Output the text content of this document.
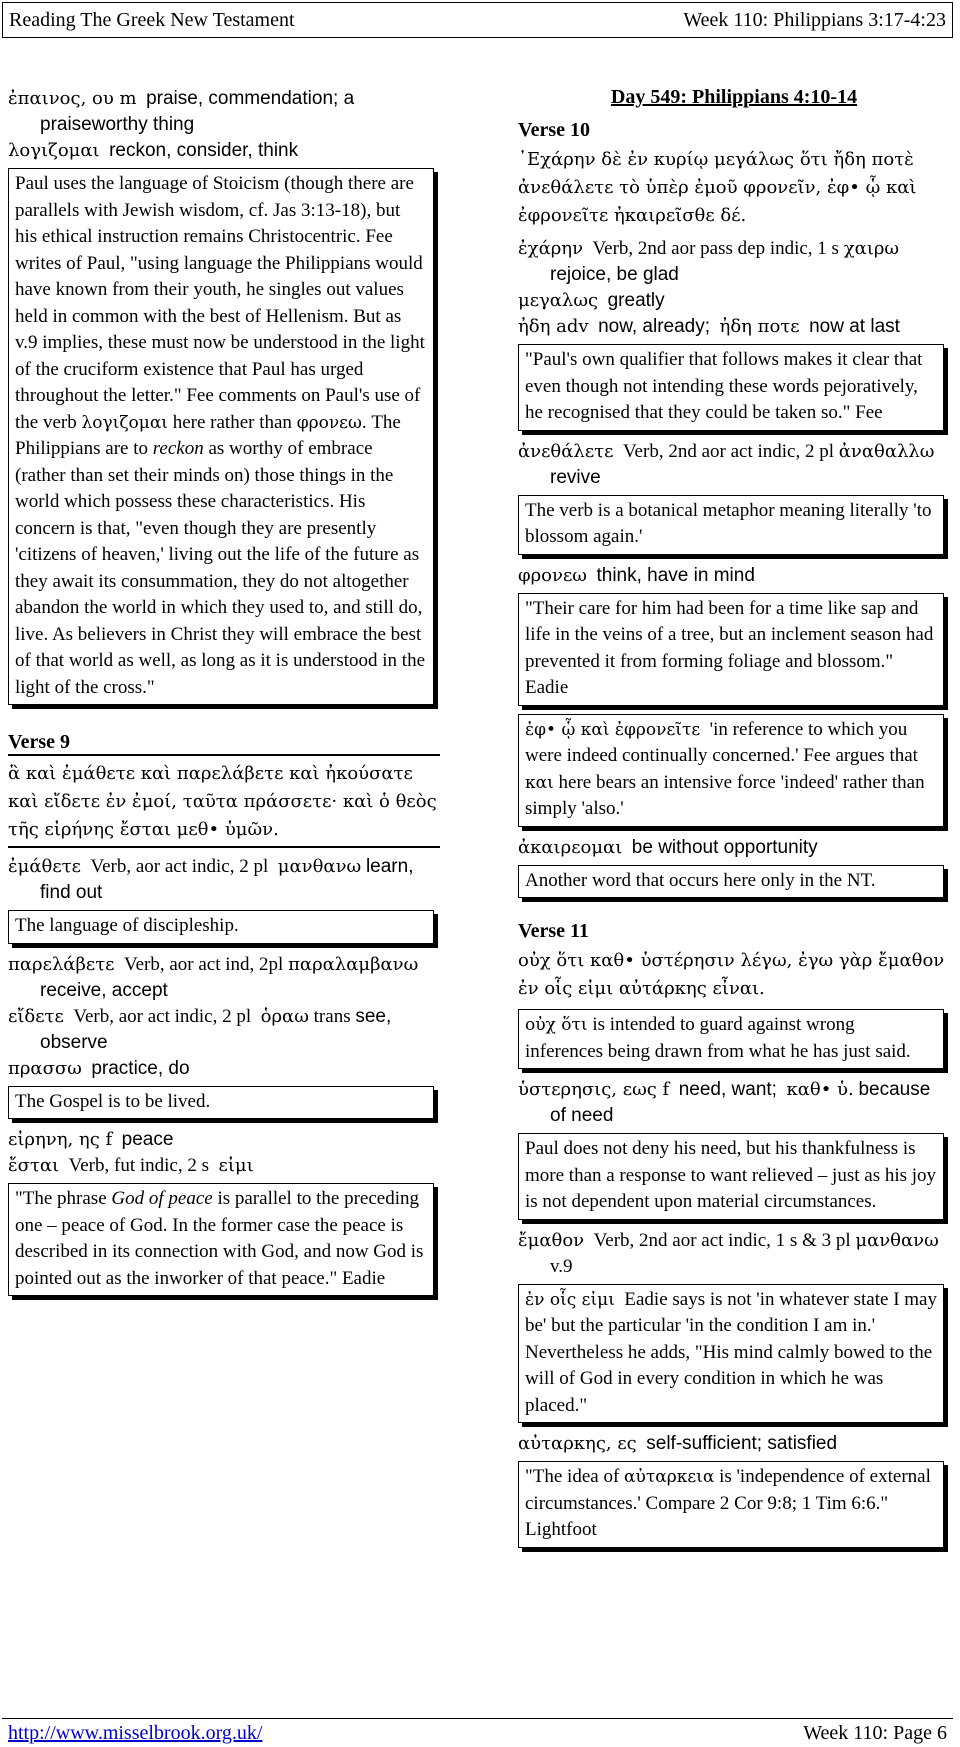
Reading The Greek New Testament	Week 110: Philippians 3:17-4:23
ἐπαινος, ου m praise, commendation; a praiseworthy thing
λογιζομαι reckon, consider, think
Paul uses the language of Stoicism (though there are parallels with Jewish wisdom, cf. Jas 3:13-18), but his ethical instruction remains Christocentric. Fee writes of Paul, "using language the Philippians would have known from their youth, he singles out values held in common with the best of Hellenism. But as v.9 implies, these must now be understood in the light of the cruciform existence that Paul has urged throughout the letter." Fee comments on Paul's use of the verb λογιζομαι here rather than φρονεω. The Philippians are to reckon as worthy of embrace (rather than set their minds on) those things in the world which possess these characteristics. His concern is that, "even though they are presently 'citizens of heaven,' living out the life of the future as they await its consummation, they do not altogether abandon the world in which they used to, and still do, live. As believers in Christ they will embrace the best of that world as well, as long as it is understood in the light of the cross."
Verse 9
ἃ καὶ ἐμάθετε καὶ παρελάβετε καὶ ἠκούσατε καὶ εἴδετε ἐν ἐμοί, ταῦτα πράσσετε· καὶ ὁ θεὸς τῆς εἰρήνης ἔσται μεθ• ὑμῶν.
ἐμάθετε Verb, aor act indic, 2 pl μανθανω learn, find out
The language of discipleship.
παρελάβετε Verb, aor act ind, 2pl παραλαμβανω  receive, accept
εἴδετε Verb, aor act indic, 2 pl ὁραω trans see, observe
πρασσω practice, do
The Gospel is to be lived.
εἰρηνη, ης f peace
ἔσται Verb, fut indic, 2 s εἰμι
"The phrase God of peace is parallel to the preceding one – peace of God. In the former case the peace is described in its connection with God, and now God is pointed out as the inworker of that peace." Eadie
Day 549: Philippians 4:10-14
Verse 10
᾿Εχάρην δὲ ἐν κυρίῳ μεγάλως ὅτι ἤδη ποτὲ ἀνεθάλετε τὸ ὑπὲρ ἐμοῦ φρονεῖν, ἐφ• ᾧ καὶ ἐφρονεῖτε ἠκαιρεῖσθε δέ.
ἐχάρην Verb, 2nd aor pass dep indic, 1 s χαιρω  rejoice, be glad
μεγαλως greatly
ἠδη adv now, already; ἠδη ποτε now at last
"Paul's own qualifier that follows makes it clear that even though not intending these words pejoratively, he recognised that they could be taken so." Fee
ἀνεθάλετε Verb, 2nd aor act indic, 2 pl ἀναθαλλω  revive
The verb is a botanical metaphor meaning literally 'to blossom again.'
φρονεω think, have in mind
"Their care for him had been for a time like sap and life in the veins of a tree, but an inclement season had prevented it from forming foliage and blossom." Eadie
ἐφ• ᾧ καὶ ἐφρονεῖτε 'in reference to which you were indeed continually concerned.' Fee argues that και here bears an intensive force 'indeed' rather than simply 'also.'
ἀκαιρεομαι be without opportunity
Another word that occurs here only in the NT.
Verse 11
οὐχ ὅτι καθ• ὑστέρησιν λέγω, ἐγω γὰρ ἔμαθον ἐν οἷς εἰμι αὐτάρκης εἶναι.
οὐχ ὅτι is intended to guard against wrong inferences being drawn from what he has just said.
ὑστερησις, εως f need, want; καθ• ὑ. because of need
Paul does not deny his need, but his thankfulness is more than a response to want relieved – just as his joy is not dependent upon material circumstances.
ἔμαθον Verb, 2nd aor act indic, 1 s & 3 pl μανθανω  v.9
ἐν οἷς εἰμι Eadie says is not 'in whatever state I may be' but the particular 'in the condition I am in.' Nevertheless he adds, "His mind calmly bowed to the will of God in every condition in which he was placed."
αὐταρκης, ες self-sufficient; satisfied
"The idea of αὐταρκεια is 'independence of external circumstances.' Compare 2 Cor 9:8; 1 Tim 6:6." Lightfoot
http://www.misselbrook.org.uk/	Week 110: Page 6
